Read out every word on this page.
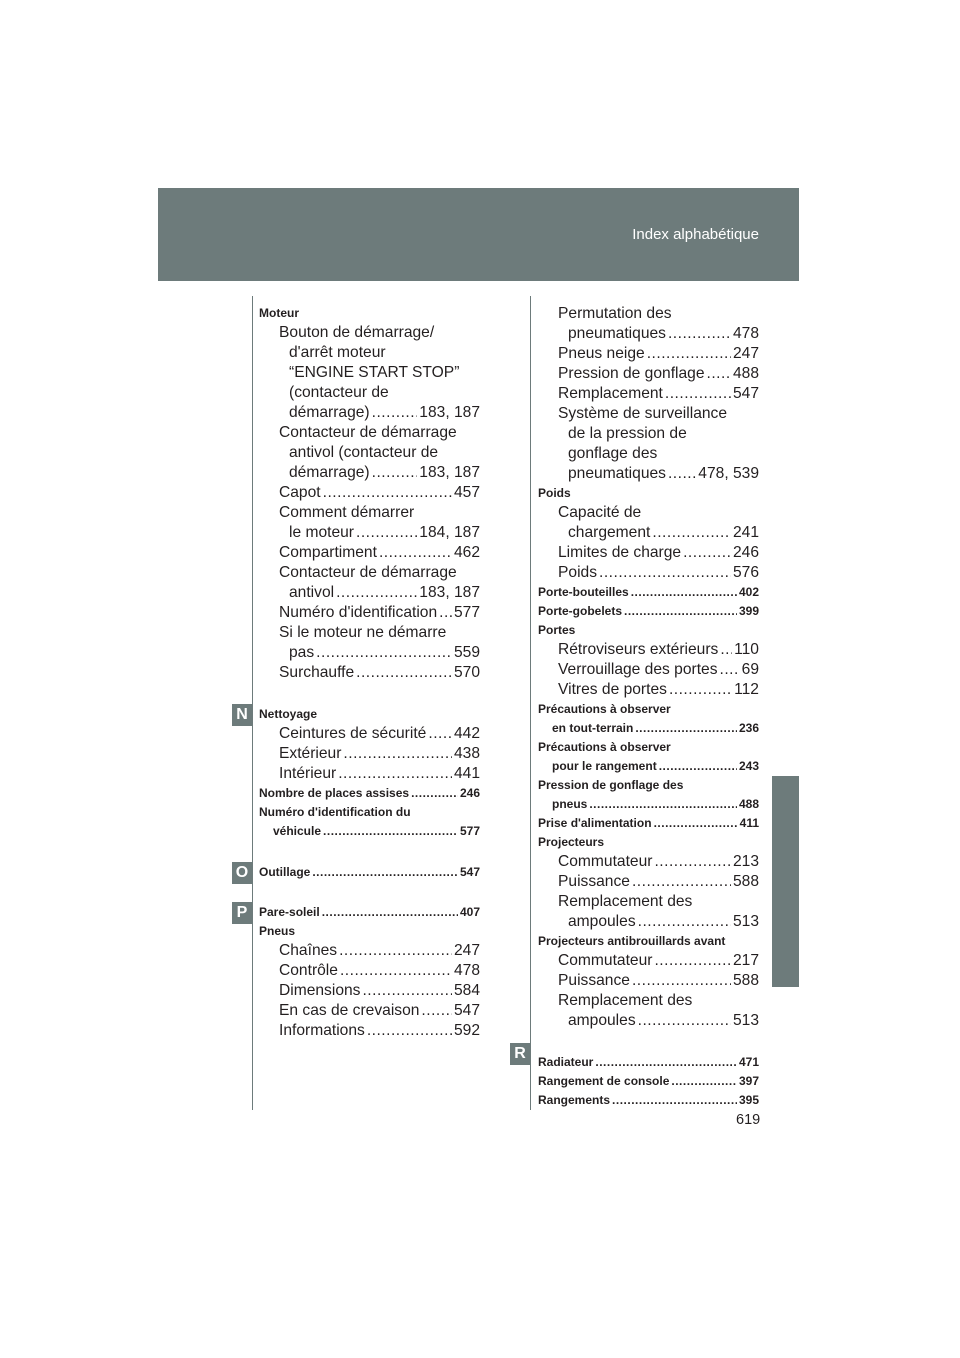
Index alphabétique
N
O
P
R
Moteur
Bouton de démarrage/
d'arrêt moteur
“ENGINE START STOP”
(contacteur de
démarrage) .....	183, 187
Contacteur de démarrage
antivol (contacteur de
démarrage) .....	183, 187
Capot .....	457
Comment démarrer
le moteur .....	184, 187
Compartiment .....	462
Contacteur de démarrage
antivol .....	183, 187
Numéro d'identification ..... 577
Si le moteur ne démarre
pas .....	559
Surchauffe .....	570
Nettoyage
Ceintures de sécurité ..... 442
Extérieur .....	438
Intérieur .....	441
Nombre de places assises .....	246
Numéro d'identification du
véhicule .....	577
Outillage .....	547
Pare-soleil .....	407
Pneus
Chaînes .....	247
Contrôle .....	478
Dimensions .....	584
En cas de crevaison ..... 547
Informations .....	592
Permutation des
pneumatiques .....	478
Pneus neige .....	247
Pression de gonflage ..... 488
Remplacement .....	547
Système de surveillance
de la pression de
gonflage des
pneumatiques ..... 478, 539
Poids
Capacité de
chargement .....	241
Limites de charge .....	246
Poids .....	576
Porte-bouteilles .....	402
Porte-gobelets .....	399
Portes
Rétroviseurs extérieurs ..... 110
Verrouillage des portes ..... 69
Vitres de portes .....	112
Précautions à observer
en tout-terrain .....	236
Précautions à observer
pour le rangement .....	243
Pression de gonflage des
pneus .....	488
Prise d'alimentation .....	411
Projecteurs
Commutateur .....	213
Puissance .....	588
Remplacement des
ampoules .....	513
Projecteurs antibrouillards avant
Commutateur .....	217
Puissance .....	588
Remplacement des
ampoules .....	513
Radiateur .....	471
Rangement de console .....	397
Rangements .....	395
619
